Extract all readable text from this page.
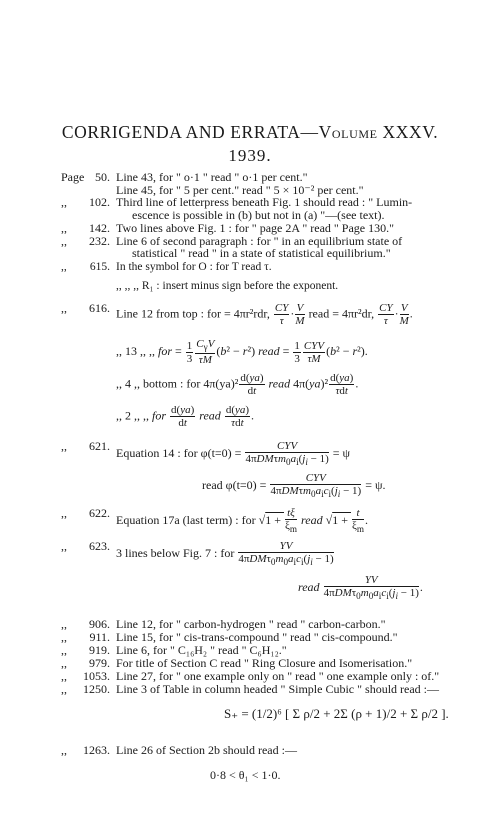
CORRIGENDA AND ERRATA—Volume XXXV.
1939.
Page 50. Line 43, for " o·1 " read " o·1 per cent."
Line 45, for " 5 per cent." read " 5 × 10⁻² per cent."
,,	102. Third line of letterpress beneath Fig. 1 should read : " Lumin-
escence is possible in (b) but not in (a) "—(see text).
,,	142. Two lines above Fig. 1 : for " page 2A " read " Page 130."
,,	232. Line 6 of second paragraph : for " in an equilibrium state of
statistical " read " in a state of statistical equilibrium."
,,	615. In the symbol for O : for T read τ.
,, ,, ,, R₁ : insert minus sign before the exponent.
,,	616. Line 12 from top : for = 4πr²rdr, $\frac{CY}{\tau} \cdot \frac{V}{M}$ read = 4πr²dr, $\frac{CY}{\tau} \cdot \frac{V}{M}$ .
,, 13 ,, ,, for = $\frac{1}{3} \frac{C_\gamma V}{\tau M} (b^2 - r^2)$ read = $\frac{1}{3} \frac{\text{CYV}}{\tau M} (b^2 - r^2)$.
,, 4 ,, bottom : for $4\pi(ya)^2 \frac{d(ya)}{dt}$ read $4\pi(ya)^2 \frac{d(ya)}{\text{τdt}}$ .
,, 2 ,, ,, for $\frac{d(ya)}{dt}$ read $\frac{d(ya)}{\text{τdt}}$ .
,,	621. Equation 14 : for $\varphi(t=0) = \frac{\text{CYV}}{4\pi DM\tau m_0a_i(j_i - 1)} = \psi$
read $\varphi(t=0) = \frac{\text{CYV}}{4\pi DM\tau m_0a_ic_i(j_i - 1)} = \psi$.
,,	622. Equation 17a (last term) : for $√1 + \frac{t\xi}{\xi_m}$ read $√1 + \frac{t}{\xi_m}$ .
,,	623. 3 lines below Fig. 7 : for $\frac{YV}{4\pi DM\tau_0m_0a_ic_i(j_i - 1)}$
read $\frac{YV}{4\pi DM\tau_0m_0a_ic_i(j_i - 1)}$ .
,,	906. Line 12, for " carbon-hydrogen " read " carbon-carbon."
,,	911. Line 15, for " cis-trans-compound " read " cis-compound."
,,	919. Line 6, for " C₁₆H₂ " read " C₆H₁₂."
,,	979. For title of Section C read " Ring Closure and Isomerisation."
,,	1053. Line 27, for " one example only on " read " one example only : of."
,,	1250. Line 3 of Table in column headed " Simple Cubic " should read :—
S₊ = (1/2)⁶ [ Σ ρ/2 + 2Σ (ρ + 1)/2 + Σ ρ/2 ].
,,	1263. Line 26 of Section 2b should read :—
0·8 < θ₁ < 1·0.
